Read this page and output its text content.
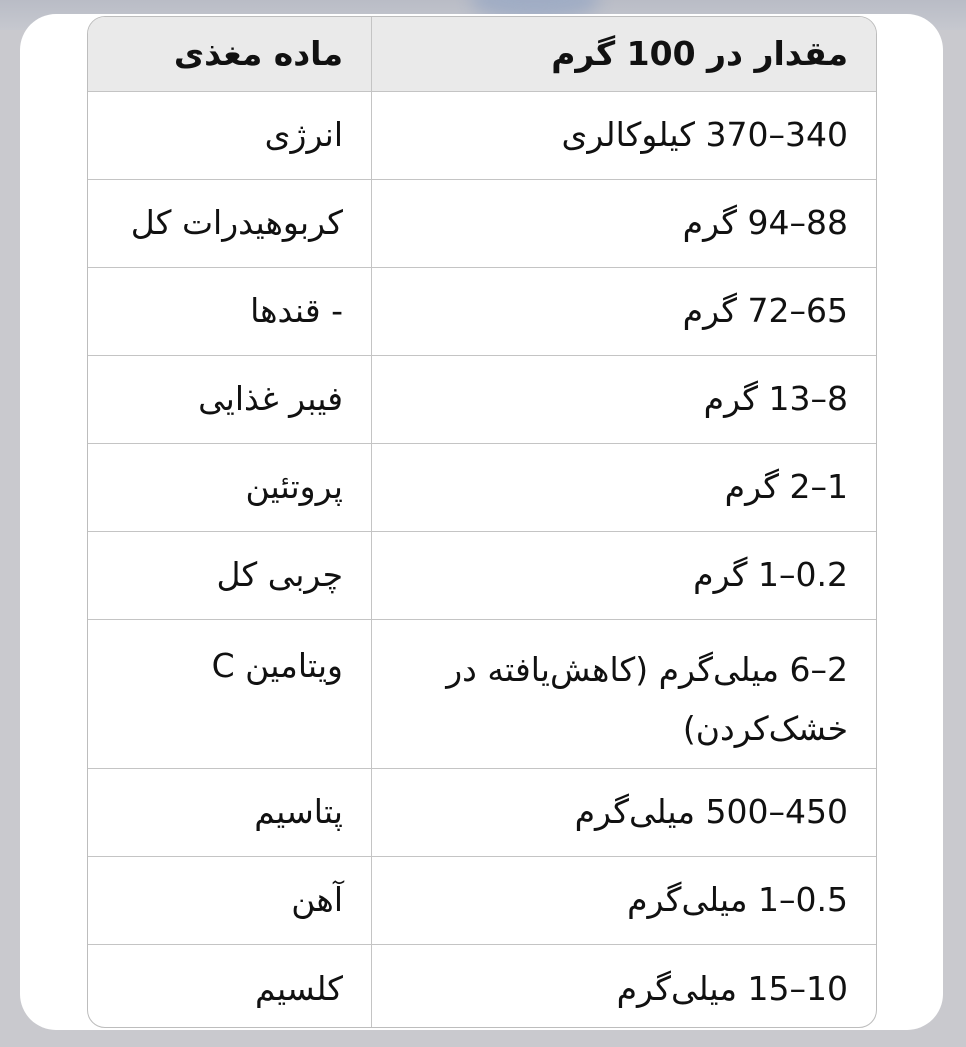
ماده مغذی	مقدار در 100 گرم
انرژی	340–370 کیلوکالری
کربوهیدرات کل	88–94 گرم
- قندها	65–72 گرم
فیبر غذایی	8–13 گرم
پروتئین	1–2 گرم
چربی کل	0.2–1 گرم
ویتامین C	2–6 میلی‌گرم (کاهش‌یافته در خشک‌کردن)
پتاسیم	450–500 میلی‌گرم
آهن	0.5–1 میلی‌گرم
کلسیم	10–15 میلی‌گرم
